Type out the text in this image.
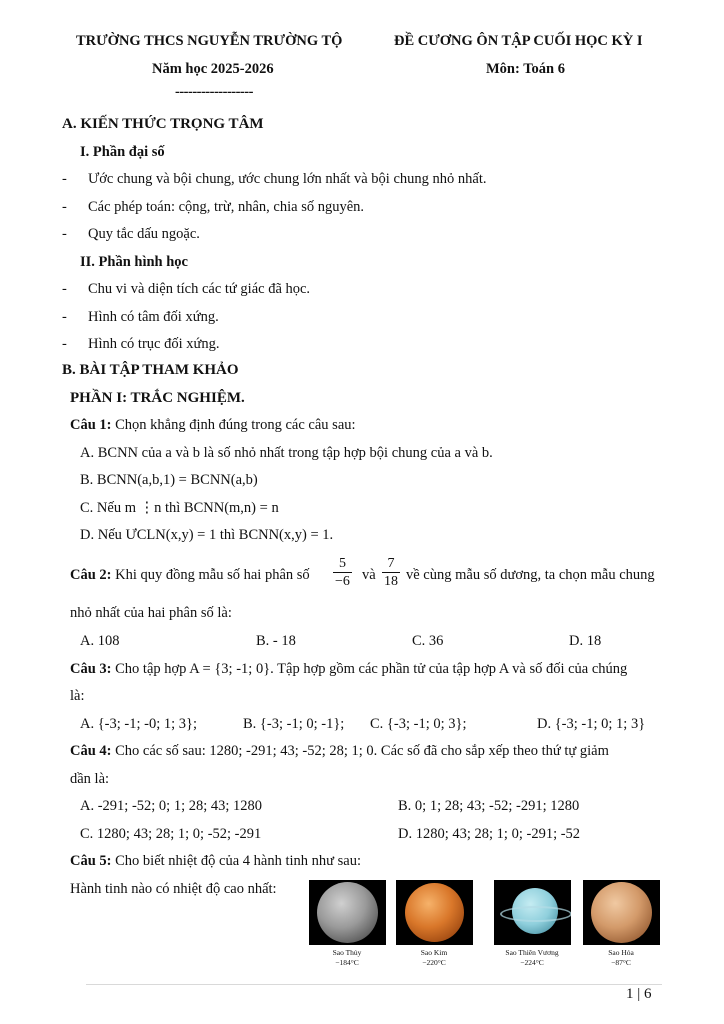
TRƯỜNG THCS NGUYỄN TRƯỜNG TỘ	ĐỀ CƯƠNG ÔN TẬP CUỐI HỌC KỲ I
Năm học 2025-2026	Môn: Toán 6
------------------
A. KIẾN THỨC TRỌNG TÂM
I. Phần đại số
- Ước chung và bội chung, ước chung lớn nhất và bội chung nhỏ nhất.
- Các phép toán: cộng, trừ, nhân, chia số nguyên.
- Quy tắc dấu ngoặc.
II. Phần hình học
- Chu vi và diện tích các tứ giác đã học.
- Hình có tâm đối xứng.
- Hình có trục đối xứng.
B. BÀI TẬP THAM KHẢO
PHẦN I: TRẮC NGHIỆM.
Câu 1: Chọn khẳng định đúng trong các câu sau:
A. BCNN của a và b là số nhỏ nhất trong tập hợp bội chung của a và b.
B. BCNN(a,b,1) = BCNN(a,b)
C. Nếu m ⋮n thì BCNN(m,n) = n
D. Nếu ƯCLN(x,y) = 1 thì BCNN(x,y) = 1.
Câu 2: Khi quy đồng mẫu số hai phân số $\frac{5}{-6}$ và $\frac{7}{18}$ về cùng mẫu số dương, ta chọn mẫu chung
nhỏ nhất của hai phân số là:
A. 108	B. - 18	C. 36	D. 18
Câu 3: Cho tập hợp A = {3; -1; 0}. Tập hợp gồm các phần tử của tập hợp A và số đối của chúng
là:
A. {-3; -1; -0; 1; 3};	B. {-3; -1; 0; -1}; C. {-3; -1; 0; 3};	D. {-3; -1; 0; 1; 3}
Câu 4: Cho các số sau: 1280; -291; 43; -52; 28; 1; 0. Các số đã cho sắp xếp theo thứ tự giảm
dần là:
A. -291; -52; 0; 1; 28; 43; 1280	B. 0; 1; 28; 43; -52; -291; 1280
C. 1280; 43; 28; 1; 0; -52; -291	D. 1280; 43; 28; 1; 0; -291; -52
Câu 5: Cho biết nhiệt độ của 4 hành tinh như sau:
Hành tinh nào có nhiệt độ cao nhất:
Sao Thủy
−184°C
Sao Kim
−220°C
Sao Thiên Vương
−224°C
Sao Hỏa
−87°C
1 | 6
